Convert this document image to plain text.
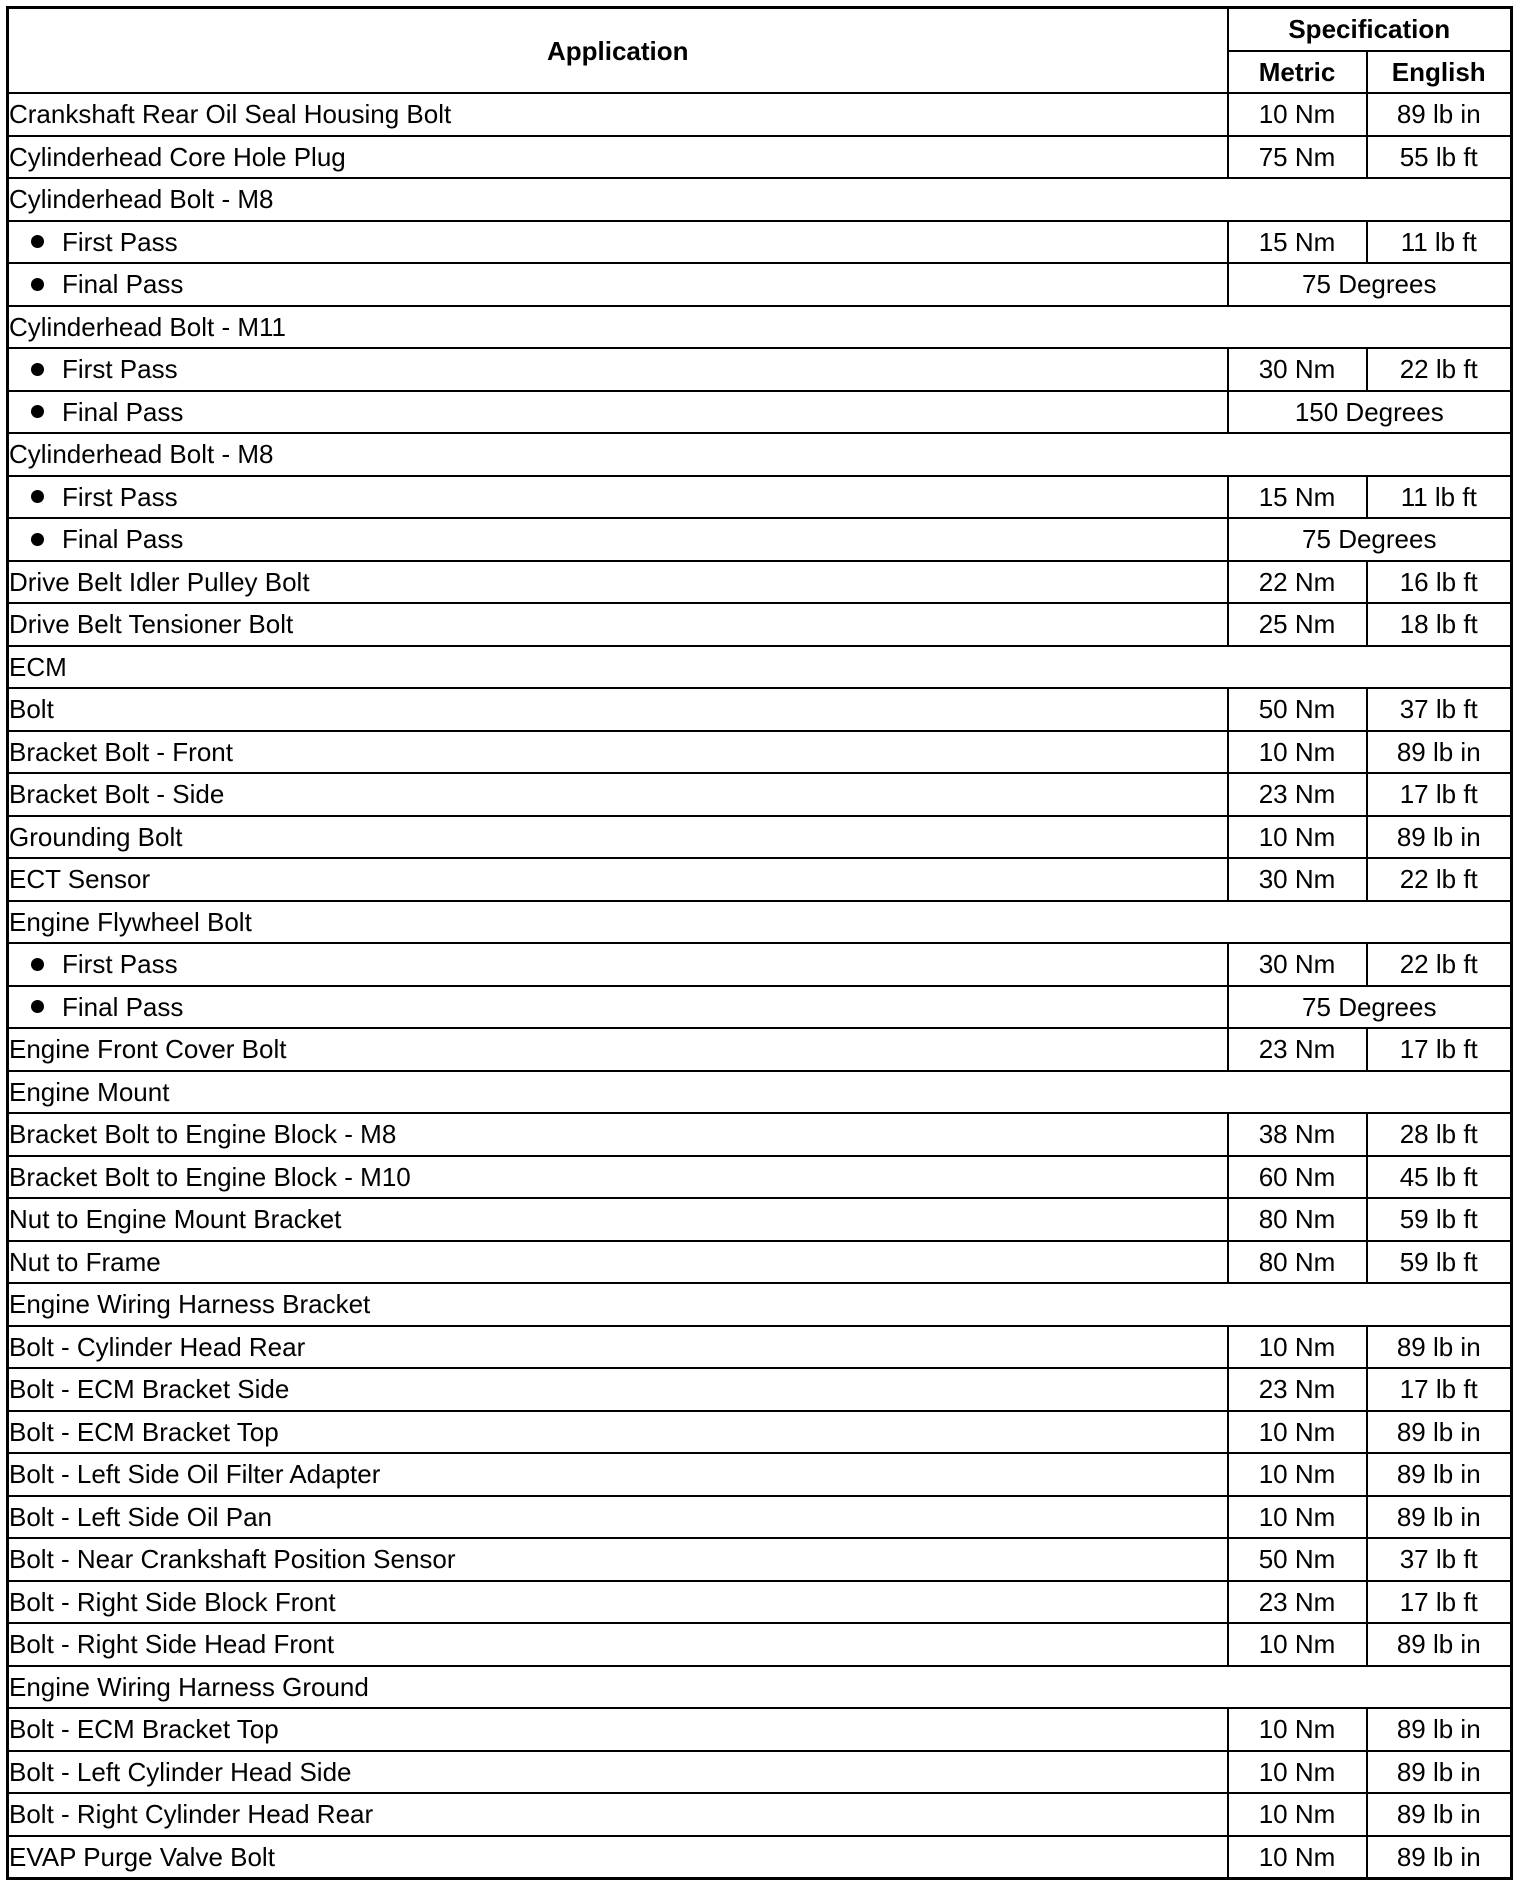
Application	Specification	
	Metric	English
Crankshaft Rear Oil Seal Housing Bolt	10 Nm	89 lb in
Cylinderhead Core Hole Plug	75 Nm	55 lb ft
Cylinderhead Bolt - M8		
First Pass	15 Nm	11 lb ft
Final Pass	75 Degrees	
Cylinderhead Bolt - M11		
First Pass	30 Nm	22 lb ft
Final Pass	150 Degrees	
Cylinderhead Bolt - M8		
First Pass	15 Nm	11 lb ft
Final Pass	75 Degrees	
Drive Belt Idler Pulley Bolt	22 Nm	16 lb ft
Drive Belt Tensioner Bolt	25 Nm	18 lb ft
ECM		
Bolt	50 Nm	37 lb ft
Bracket Bolt - Front	10 Nm	89 lb in
Bracket Bolt - Side	23 Nm	17 lb ft
Grounding Bolt	10 Nm	89 lb in
ECT Sensor	30 Nm	22 lb ft
Engine Flywheel Bolt		
First Pass	30 Nm	22 lb ft
Final Pass	75 Degrees	
Engine Front Cover Bolt	23 Nm	17 lb ft
Engine Mount		
Bracket Bolt to Engine Block - M8	38 Nm	28 lb ft
Bracket Bolt to Engine Block - M10	60 Nm	45 lb ft
Nut to Engine Mount Bracket	80 Nm	59 lb ft
Nut to Frame	80 Nm	59 lb ft
Engine Wiring Harness Bracket		
Bolt - Cylinder Head Rear	10 Nm	89 lb in
Bolt - ECM Bracket Side	23 Nm	17 lb ft
Bolt - ECM Bracket Top	10 Nm	89 lb in
Bolt - Left Side Oil Filter Adapter	10 Nm	89 lb in
Bolt - Left Side Oil Pan	10 Nm	89 lb in
Bolt - Near Crankshaft Position Sensor	50 Nm	37 lb ft
Bolt - Right Side Block Front	23 Nm	17 lb ft
Bolt - Right Side Head Front	10 Nm	89 lb in
Engine Wiring Harness Ground		
Bolt - ECM Bracket Top	10 Nm	89 lb in
Bolt - Left Cylinder Head Side	10 Nm	89 lb in
Bolt - Right Cylinder Head Rear	10 Nm	89 lb in
EVAP Purge Valve Bolt	10 Nm	89 lb in
